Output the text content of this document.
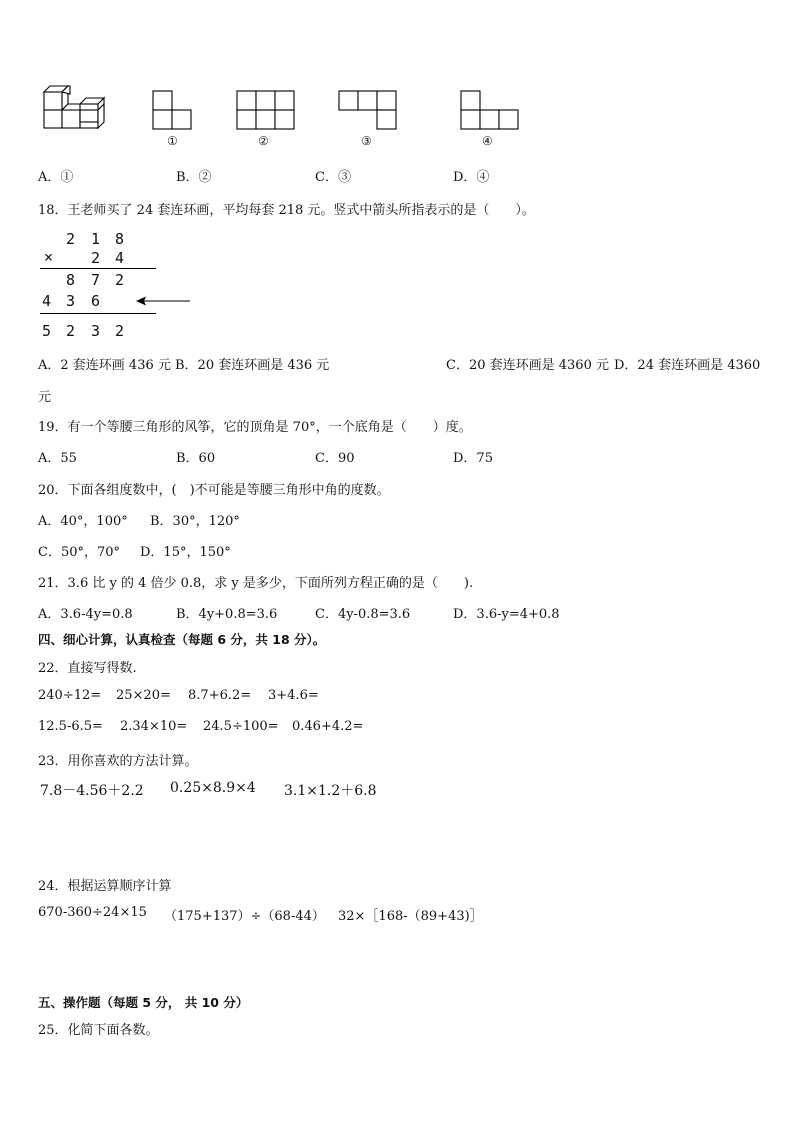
①	②	③	④
A．①	B．②	C．③	D．④
18．王老师买了 24 套连环画，平均每套 218 元。竖式中箭头所指表示的是（　　）。
2 1 8
×	2 4
8 7 2
4 3 6
5 2 3 2
A．2 套连环画 436 元 B．20 套连环画是 436 元	C．20 套连环画是 4360 元 D．24 套连环画是 4360
元
19．有一个等腰三角形的风筝，它的顶角是 70°，一个底角是（　　）度。
A．55	B．60	C．90	D．75
20．下面各组度数中，(　)不可能是等腰三角形中角的度数。
A．40°，100° B．30°，120°
C．50°，70° D．15°，150°
21．3.6 比 y 的 4 倍少 0.8，求 y 是多少，下面所列方程正确的是（　　).
A．3.6-4y=0.8	B．4y+0.8=3.6	C．4y-0.8=3.6	D．3.6-y=4+0.8
四、细心计算，认真检查（每题 6 分，共 18 分）。
22．直接写得数.
240÷12= 25×20= 8.7+6.2= 3+4.6=
12.5-6.5= 2.34×10= 24.5÷100= 0.46+4.2=
23．用你喜欢的方法计算。
7.8－4.56＋2.2 0.25×8.9×4 3.1×1.2＋6.8
24．根据运算顺序计算
670-360÷24×15 （175+137）÷（68-44） 32×［168-（89+43)］
五、操作题（每题 5 分， 共 10 分）
25．化简下面各数。
